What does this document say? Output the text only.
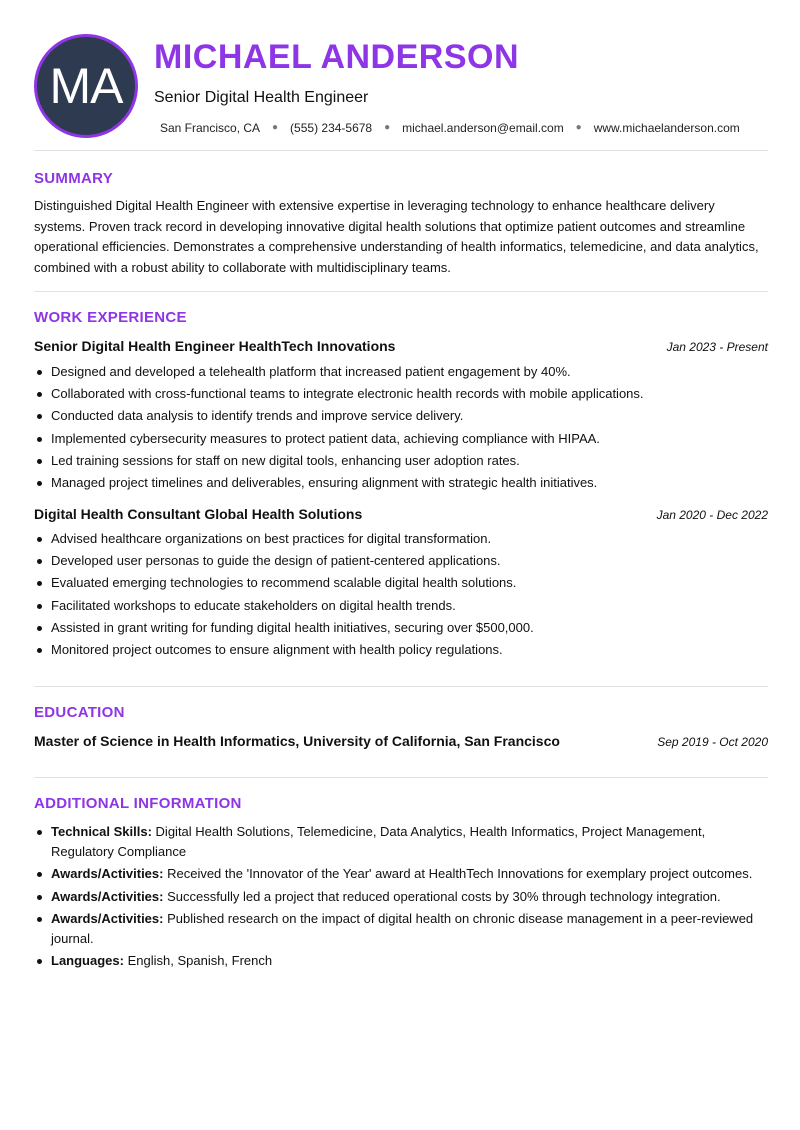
MA
MICHAEL ANDERSON
Senior Digital Health Engineer
San Francisco, CA	● (555) 234-5678	● michael.anderson@email.com	● www.michaelanderson.com
SUMMARY
Distinguished Digital Health Engineer with extensive expertise in leveraging technology to enhance healthcare delivery systems. Proven track record in developing innovative digital health solutions that optimize patient outcomes and streamline operational efficiencies. Demonstrates a comprehensive understanding of health informatics, telemedicine, and data analytics, combined with a robust ability to collaborate with multidisciplinary teams.
WORK EXPERIENCE
Senior Digital Health Engineer HealthTech Innovations	Jan 2023 - Present
Designed and developed a telehealth platform that increased patient engagement by 40%.
Collaborated with cross-functional teams to integrate electronic health records with mobile applications.
Conducted data analysis to identify trends and improve service delivery.
Implemented cybersecurity measures to protect patient data, achieving compliance with HIPAA.
Led training sessions for staff on new digital tools, enhancing user adoption rates.
Managed project timelines and deliverables, ensuring alignment with strategic health initiatives.
Digital Health Consultant Global Health Solutions	Jan 2020 - Dec 2022
Advised healthcare organizations on best practices for digital transformation.
Developed user personas to guide the design of patient-centered applications.
Evaluated emerging technologies to recommend scalable digital health solutions.
Facilitated workshops to educate stakeholders on digital health trends.
Assisted in grant writing for funding digital health initiatives, securing over $500,000.
Monitored project outcomes to ensure alignment with health policy regulations.
EDUCATION
Master of Science in Health Informatics, University of California, San Francisco	Sep 2019 - Oct 2020
ADDITIONAL INFORMATION
Technical Skills: Digital Health Solutions, Telemedicine, Data Analytics, Health Informatics, Project Management, Regulatory Compliance
Awards/Activities: Received the 'Innovator of the Year' award at HealthTech Innovations for exemplary project outcomes.
Awards/Activities: Successfully led a project that reduced operational costs by 30% through technology integration.
Awards/Activities: Published research on the impact of digital health on chronic disease management in a peer-reviewed journal.
Languages: English, Spanish, French
